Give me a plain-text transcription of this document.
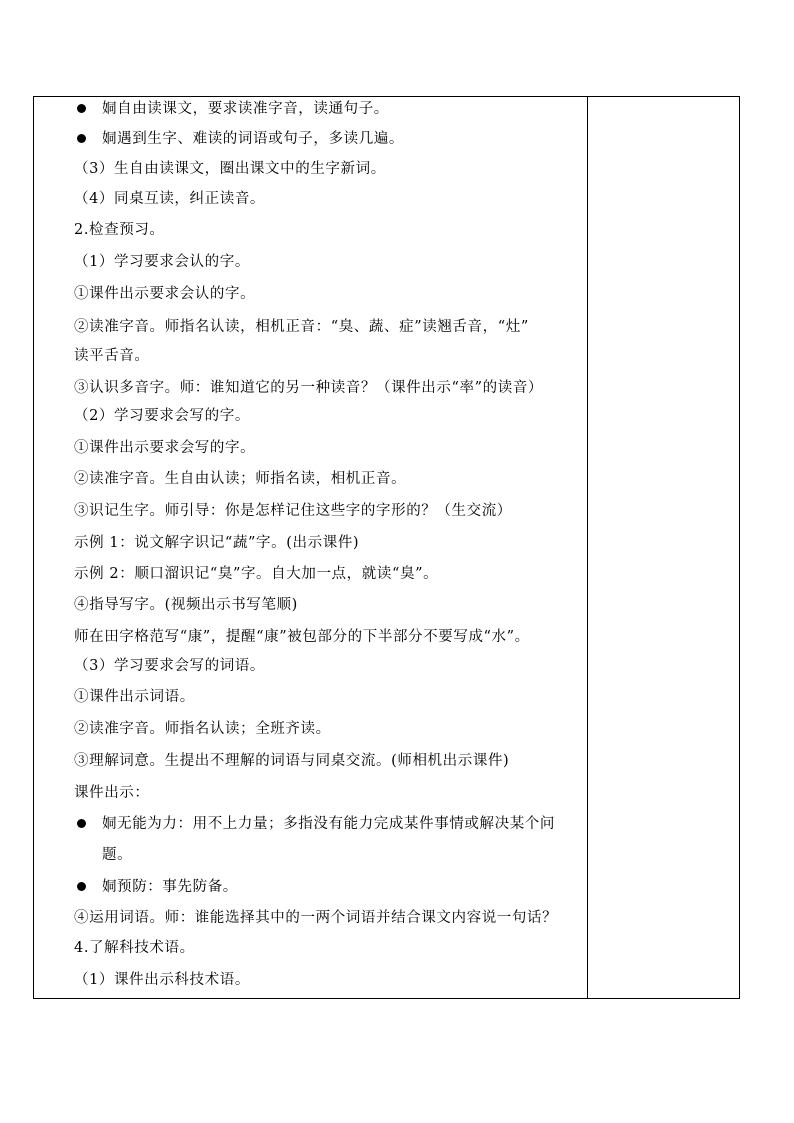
姛自由读课文，要求读准字音，读通句子。
姛遇到生字、难读的词语或句子，多读几遍。
（3）生自由读课文，圈出课文中的生字新词。
（4）同桌互读，纠正读音。
2.检查预习。
（1）学习要求会认的字。
①课件出示要求会认的字。
②读准字音。师指名认读，相机正音：“臭、蔬、症”读翘舌音，“灶”
读平舌音。
③认识多音字。师：谁知道它的另一种读音？（课件出示“率”的读音）
（2）学习要求会写的字。
①课件出示要求会写的字。
②读准字音。生自由认读；师指名读，相机正音。
③识记生字。师引导：你是怎样记住这些字的字形的？（生交流）
示例 1：说文解字识记“蔬”字。(出示课件)
示例 2：顺口溜识记“臭”字。自大加一点，就读“臭”。
④指导写字。(视频出示书写笔顺)
师在田字格范写“康”，提醒“康”被包部分的下半部分不要写成“水”。
（3）学习要求会写的词语。
①课件出示词语。
②读准字音。师指名认读；全班齐读。
③理解词意。生提出不理解的词语与同桌交流。(师相机出示课件)
课件出示：
姛无能为力：用不上力量；多指没有能力完成某件事情或解决某个问
题。
姛预防：事先防备。
④运用词语。师：谁能选择其中的一两个词语并结合课文内容说一句话？
4.了解科技术语。
（1）课件出示科技术语。
